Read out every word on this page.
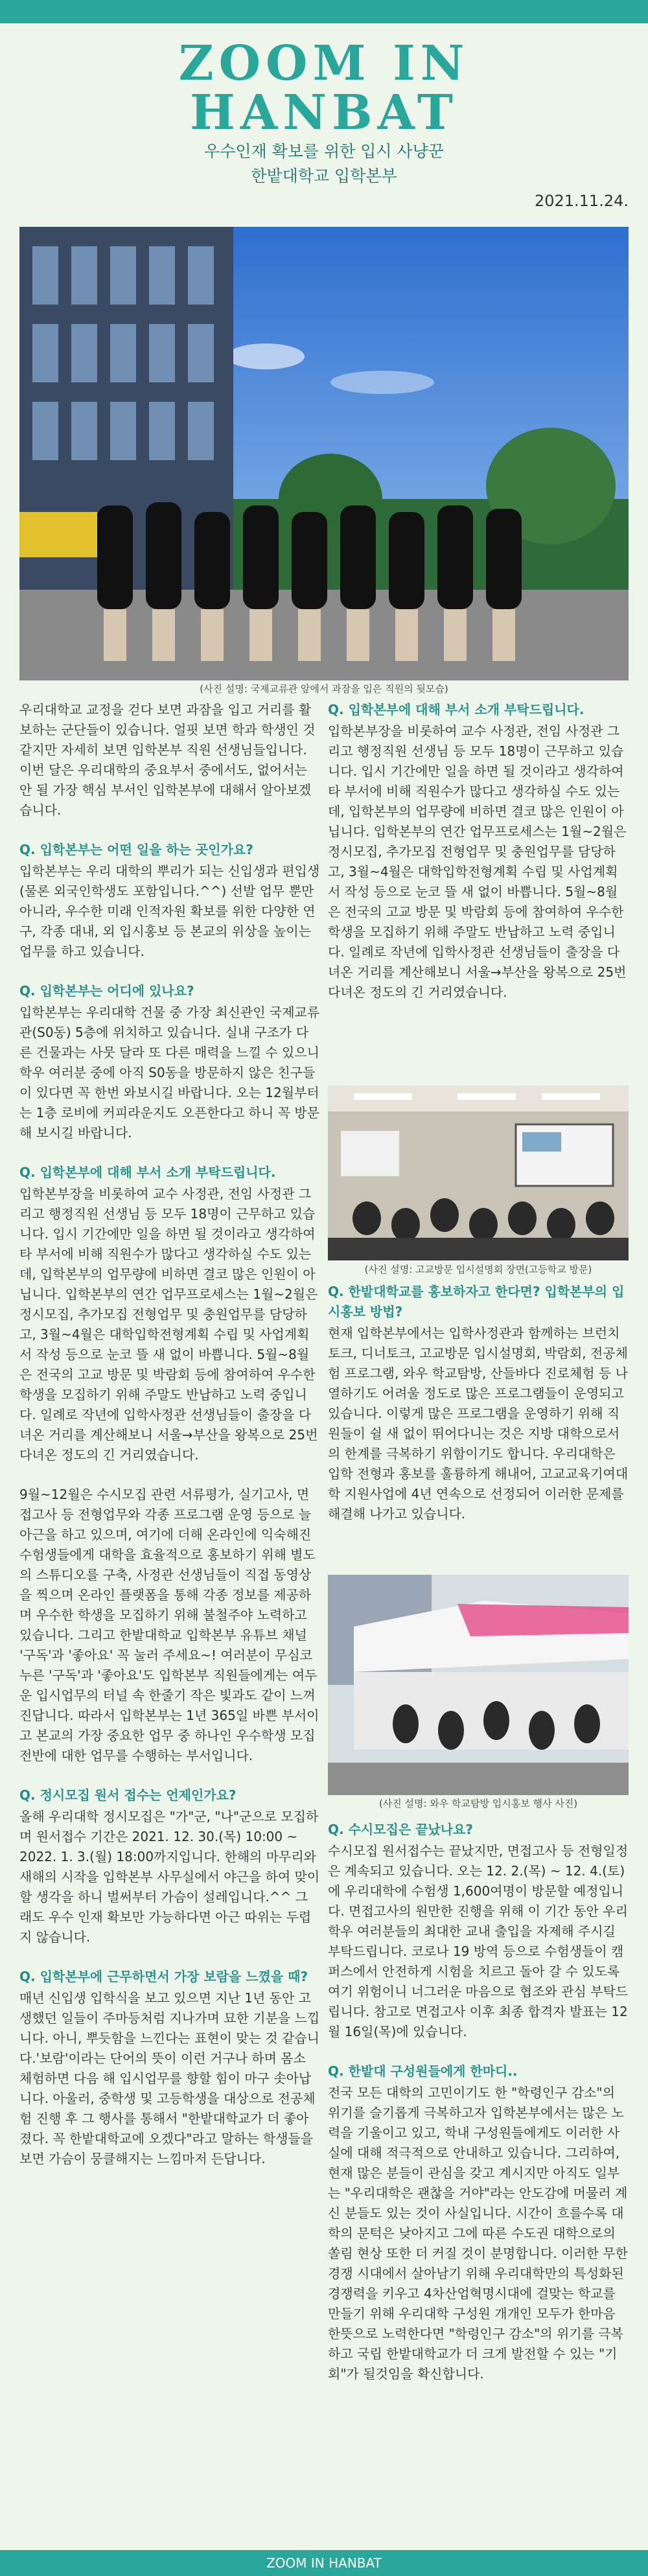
ZOOM IN
HANBAT
우수인재 확보를 위한 입시 사냥꾼
한밭대학교 입학본부
2021.11.24.
(사진 설명: 국제교류관 앞에서 과잠을 입은 직원의 뒷모습)

우리대학교 교정을 걷다 보면 과잠을 입고 거리를 활보하는 군단들이 있습니다. 얼핏 보면 학과 학생인 것 같지만 자세히 보면 입학본부 직원 선생님들입니다. 이번 달은 우리대학의 중요부서 중에서도, 없어서는 안 될 가장 핵심 부서인 입학본부에 대해서 알아보겠습니다.

Q. 입학본부는 어떤 일을 하는 곳인가요?
입학본부는 우리 대학의 뿌리가 되는 신입생과 편입생(물론 외국인학생도 포함입니다.^^) 선발 업무 뿐만 아니라, 우수한 미래 인적자원 확보를 위한 다양한 연구, 각종 대내, 외 입시홍보 등 본교의 위상을 높이는 업무를 하고 있습니다.
Q. 입학본부는 어디에 있나요?
입학본부는 우리대학 건물 중 가장 최신관인 국제교류관(S0동) 5층에 위치하고 있습니다. 실내 구조가 다른 건물과는 사뭇 달라 또 다른 매력을 느낄 수 있으니 학우 여러분 중에 아직 S0동을 방문하지 않은 친구들이 있다면 꼭 한번 와보시길 바랍니다. 오는 12월부터는 1층 로비에 커피라운지도 오픈한다고 하니 꼭 방문해 보시길 바랍니다.
Q. 입학본부에 대해 부서 소개 부탁드립니다.
입학본부장을 비롯하여 교수 사정관, 전임 사정관 그리고 행정직원 선생님 등 모두 18명이 근무하고 있습니다. 입시 기간에만 일을 하면 될 것이라고 생각하여 타 부서에 비해 직원수가 많다고 생각하실 수도 있는데, 입학본부의 업무량에 비하면 결코 많은 인원이 아닙니다. 입학본부의 연간 업무프로세스는 1월~2월은 정시모집, 추가모집 전형업무 및 충원업무를 담당하고, 3월~4월은 대학입학전형계획 수립 및 사업계획서 작성 등으로 눈코 뜰 새 없이 바쁩니다. 5월~8월은 전국의 고교 방문 및 박람회 등에 참여하여 우수한 학생을 모집하기 위해 주말도 반납하고 노력 중입니다. 일례로 작년에 입학사정관 선생님들이 출장을 다녀온 거리를 계산해보니 서울→부산을 왕복으로 25번 다녀온 정도의 긴 거리였습니다.

9월~12월은 수시모집 관련 서류평가, 실기고사, 면접고사 등 전형업무와 각종 프로그램 운영 등으로 늘 아근을 하고 있으며, 여기에 더해 온라인에 익숙해진 수험생들에게 대학을 효율적으로 홍보하기 위해 별도의 스튜디오를 구축, 사정관 선생님들이 직접 동영상을 찍으며 온라인 플랫폼을 통해 각종 정보를 제공하며 우수한 학생을 모집하기 위해 불철주야 노력하고 있습니다. 그리고 한밭대학교 입학본부 유튜브 채널 '구독'과 '좋아요' 꼭 눌러 주세요~! 여러분이 무심코 누른 '구독'과 '좋아요'도 입학본부 직원들에게는 여두운 입시업무의 터널 속 한줄기 작은 빛과도 같이 느껴진답니다. 따라서 입학본부는 1년 365일 바쁜 부서이고 본교의 가장 중요한 업무 중 하나인 우수학생 모집 전반에 대한 업무를 수행하는 부서입니다.

Q. 정시모집 원서 접수는 언제인가요?
올해 우리대학 정시모집은 "가"군, "나"군으로 모집하며 원서접수 기간은 2021. 12. 30.(목) 10:00 ~ 2022. 1. 3.(월) 18:00까지입니다. 한해의 마무리와 새해의 시작을 입학본부 사무실에서 야근을 하여 맞이할 생각을 하니 벌써부터 가슴이 설레입니다.^^ 그래도 우수 인재 확보만 가능하다면 아근 따위는 두렵지 않습니다.
Q. 입학본부에 근무하면서 가장 보람을 느꼈을 때?
매년 신입생 입학식을 보고 있으면 지난 1년 동안 고생했던 일들이 주마등처럼 지나가며 묘한 기분을 느낍니다. 아니, 뿌듯함을 느낀다는 표현이 맞는 것 같습니다.'보람'이라는 단어의 뜻이 이런 거구나 하며 몸소 체험하면 다음 해 입시업무를 향할 힘이 마구 솟아납니다. 아울러, 중학생 및 고등학생을 대상으로 전공체험 진행 후 그 행사를 통해서 "한밭대학교가 더 좋아졌다. 꼭 한밭대학교에 오겠다"라고 말하는 학생들을 보면 가슴이 뭉클해지는 느낌마저 든답니다.
Q. 입학본부에 대해 부서 소개 부탁드립니다.
입학본부장을 비롯하여 교수 사정관, 전임 사정관 그리고 행정직원 선생님 등 모두 18명이 근무하고 있습니다. 입시 기간에만 일을 하면 될 것이라고 생각하여 타 부서에 비해 직원수가 많다고 생각하실 수도 있는데, 입학본부의 업무량에 비하면 결코 많은 인원이 아닙니다. 입학본부의 연간 업무프로세스는 1월~2월은 정시모집, 추가모집 전형업무 및 충원업무를 담당하고, 3월~4월은 대학입학전형계획 수립 및 사업계획서 작성 등으로 눈코 뜰 새 없이 바쁩니다. 5월~8월은 전국의 고교 방문 및 박람회 등에 참여하여 우수한 학생을 모집하기 위해 주말도 반납하고 노력 중입니다. 일례로 작년에 입학사정관 선생님들이 출장을 다녀온 거리를 계산해보니 서울→부산을 왕복으로 25번 다녀온 정도의 긴 거리였습니다.
(사진 설명: 고교방문 입시설명회 장면(고등학교 방문)
Q. 한밭대학교를 홍보하자고 한다면? 입학본부의 입시홍보 방법?
현재 입학본부에서는 입학사정관과 함께하는 브런치토크, 디너토크, 고교방문 입시설명회, 박람회, 전공체험 프로그램, 와우 학교탐방, 산들바다 진로체험 등 나열하기도 어려울 정도로 많은 프로그램들이 운영되고 있습니다. 이렇게 많은 프로그램을 운영하기 위해 직원들이 쉴 새 없이 뛰어다니는 것은 지방 대학으로서의 한계를 극복하기 위함이기도 합니다. 우리대학은 입학 전형과 홍보를 훌륭하게 해내어, 고교교육기여대학 지원사업에 4년 연속으로 선정되어 이러한 문제를 해결해 나가고 있습니다.
(사진 설명: 와우 학교탐방 입시홍보 행사 사진)
Q. 수시모집은 끝났나요?
수시모집 원서접수는 끝났지만, 면접고사 등 전형일정은 계속되고 있습니다. 오는 12. 2.(목) ~ 12. 4.(토)에 우리대학에 수험생 1,600여명이 방문할 예정입니다. 면접고사의 원만한 진행을 위해 이 기간 동안 우리 학우 여러분들의 최대한 교내 출입을 자제해 주시길 부탁드립니다. 코로나 19 방역 등으로 수험생들이 캠퍼스에서 안전하게 시험을 치르고 돌아 갈 수 있도록 여기 위험이니 너그러운 마음으로 협조와 관심 부탁드립니다. 참고로 면접고사 이후 최종 합격자 발표는 12월 16일(목)에 있습니다.
Q. 한밭대 구성원들에게 한마디..
전국 모든 대학의 고민이기도 한 "학령인구 감소"의 위기를 슬기롭게 극복하고자 입학본부에서는 많은 노력을 기울이고 있고, 학내 구성원들에게도 이러한 사실에 대해 적극적으로 안내하고 있습니다. 그리하여, 현재 많은 분들이 관심을 갖고 계시지만 아직도 일부는 "우리대학은 괜찮을 거야"라는 안도감에 머물러 계신 분들도 있는 것이 사실입니다. 시간이 흐를수록 대학의 문턱은 낮아지고 그에 따른 수도권 대학으로의 쏠림 현상 또한 더 커질 것이 분명합니다. 이러한 무한 경쟁 시대에서 살아남기 위해 우리대학만의 특성화된 경쟁력을 키우고 4차산업혁명시대에 걸맞는 학교를 만들기 위해 우리대학 구성원 개개인 모두가 한마음 한뜻으로 노력한다면 "학령인구 감소"의 위기를 극복하고 국립 한밭대학교가 더 크게 발전할 수 있는 "기회"가 될것임을 확신합니다.
ZOOM IN HANBAT
